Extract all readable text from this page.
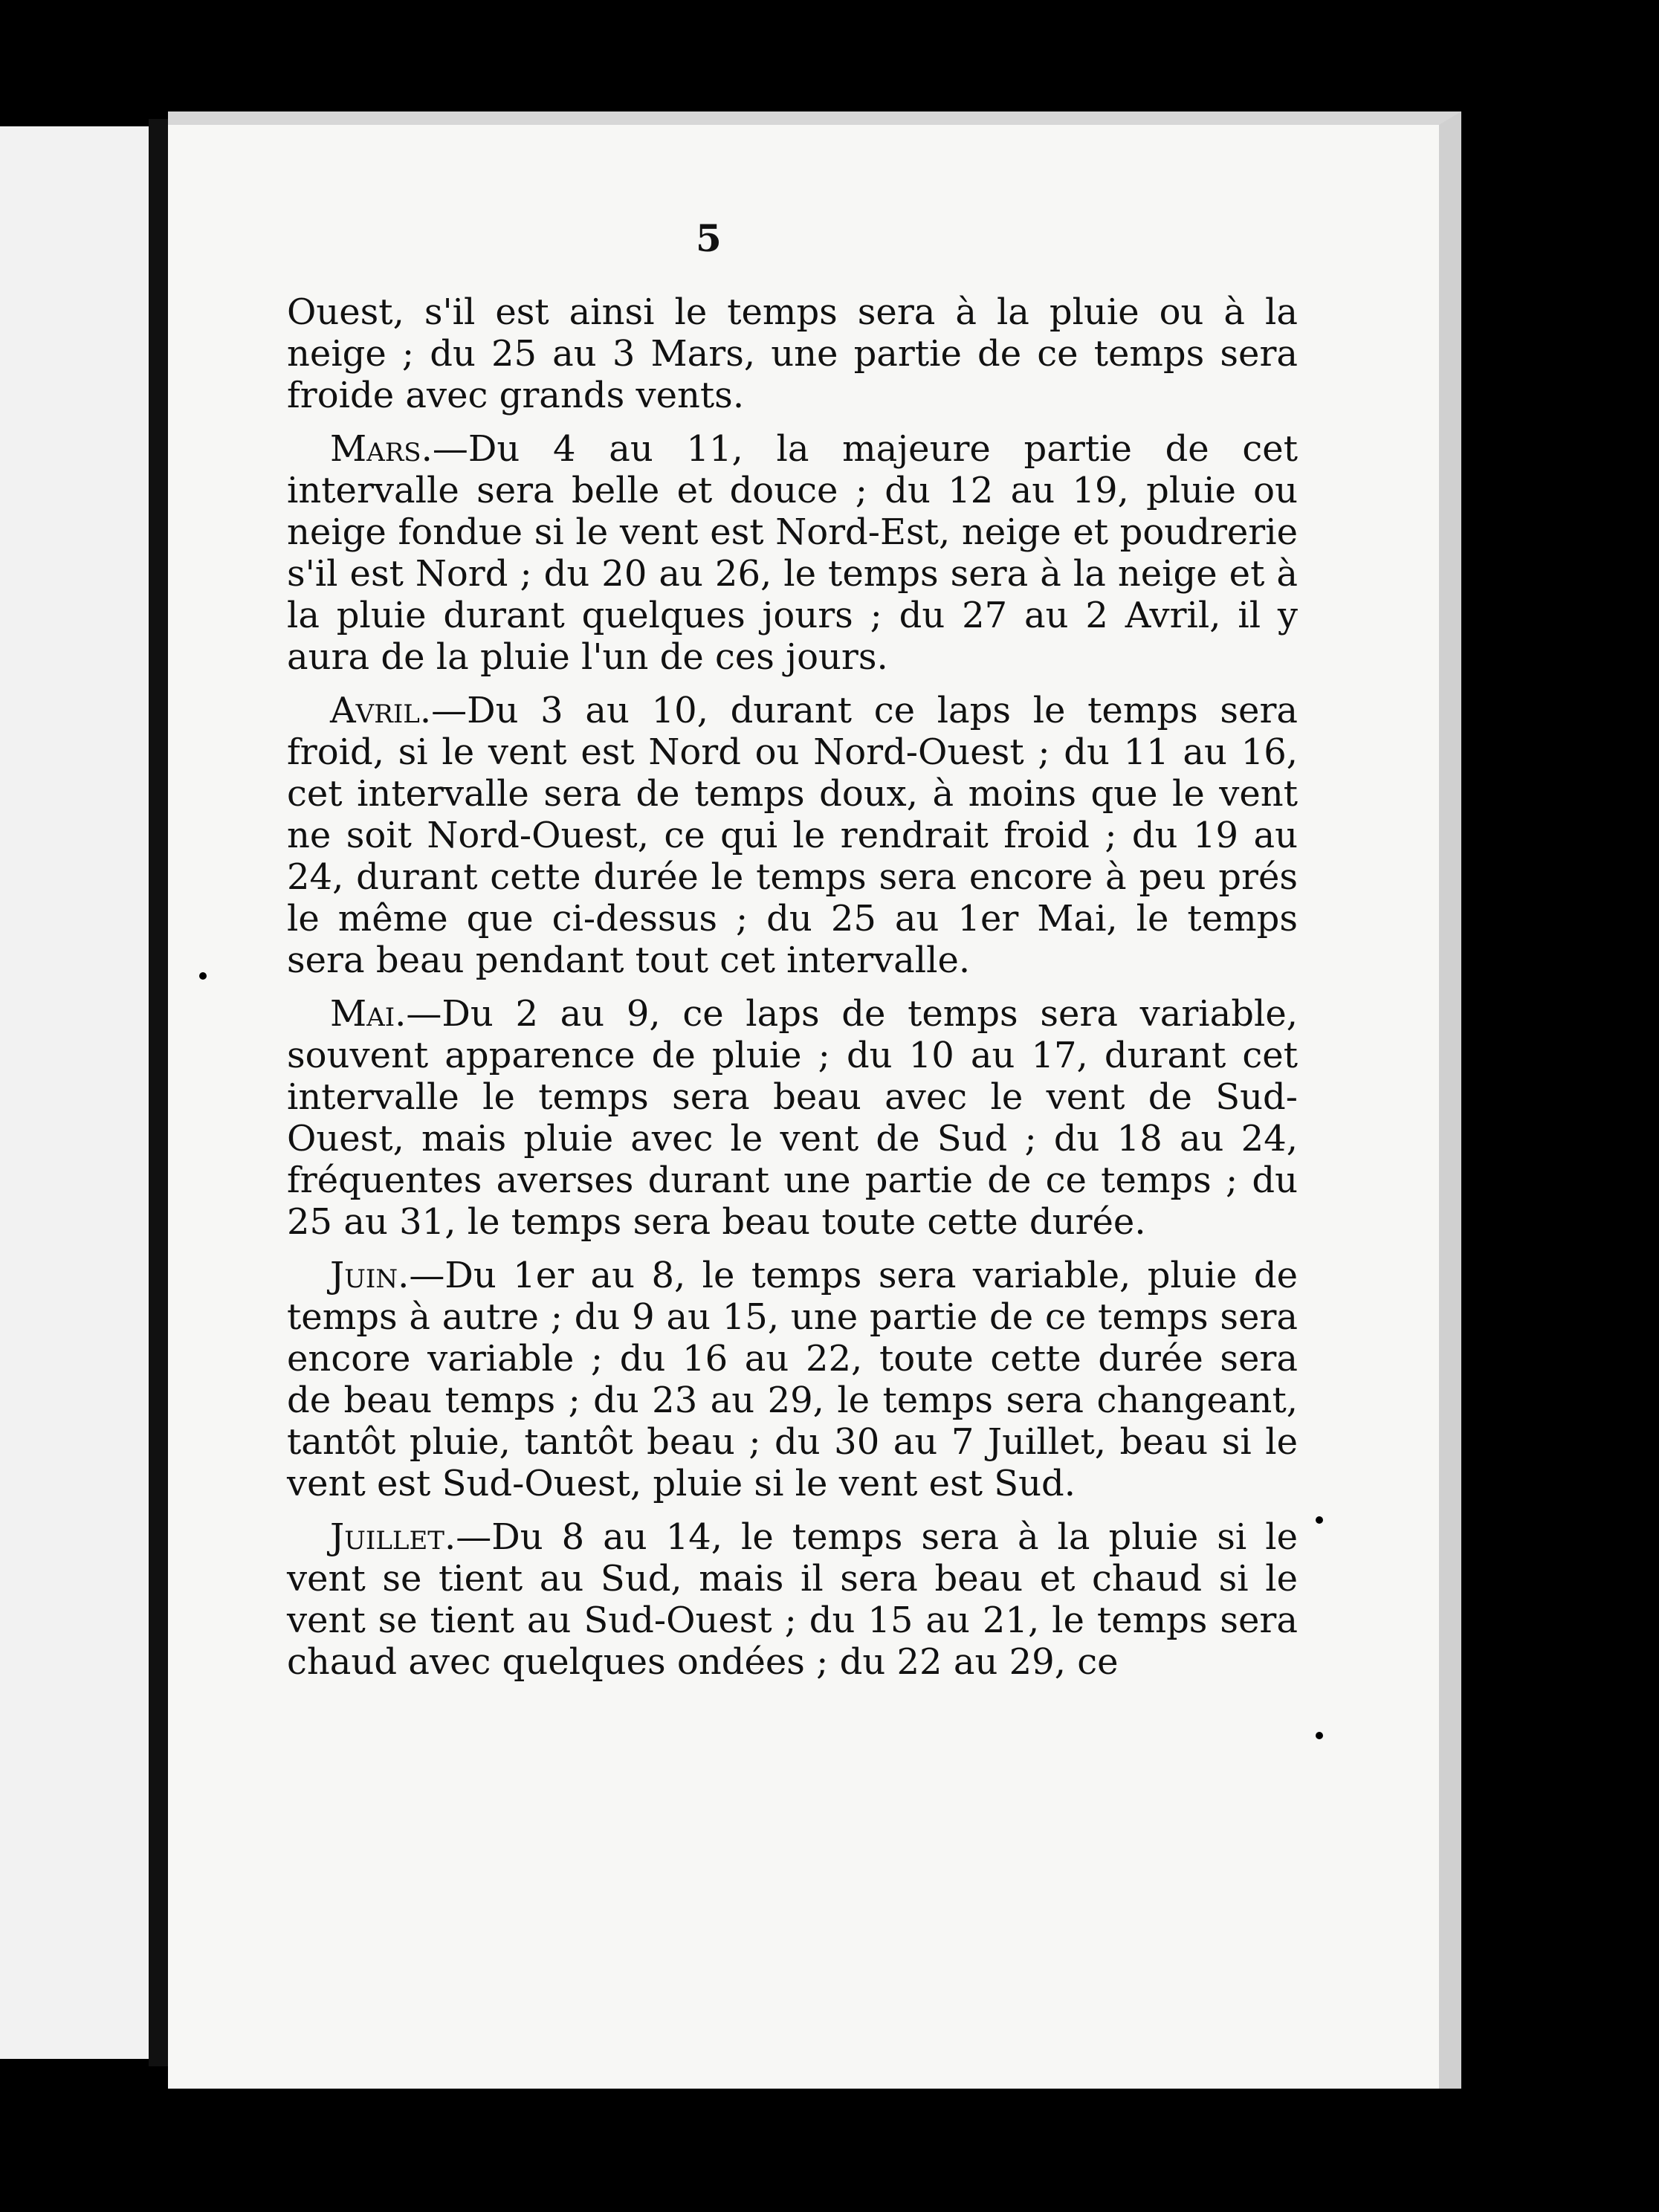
5

Ouest, s'il est ainsi le temps sera à la pluie ou à la neige ; du 25 au 3 Mars, une partie de ce temps sera froide avec grands vents.

Mars.—Du 4 au 11, la majeure partie de cet intervalle sera belle et douce ; du 12 au 19, pluie ou neige fondue si le vent est Nord-Est, neige et poudrerie s'il est Nord ; du 20 au 26, le temps sera à la neige et à la pluie durant quelques jours ; du 27 au 2 Avril, il y aura de la pluie l'un de ces jours.

Avril.—Du 3 au 10, durant ce laps le temps sera froid, si le vent est Nord ou Nord-Ouest ; du 11 au 16, cet intervalle sera de temps doux, à moins que le vent ne soit Nord-Ouest, ce qui le rendrait froid ; du 19 au 24, durant cette durée le temps sera encore à peu prés le même que ci-dessus ; du 25 au 1er Mai, le temps sera beau pendant tout cet intervalle.

Mai.—Du 2 au 9, ce laps de temps sera variable, souvent apparence de pluie ; du 10 au 17, durant cet intervalle le temps sera beau avec le vent de Sud-Ouest, mais pluie avec le vent de Sud ; du 18 au 24, fréquentes averses durant une partie de ce temps ; du 25 au 31, le temps sera beau toute cette durée.

Juin.—Du 1er au 8, le temps sera variable, pluie de temps à autre ; du 9 au 15, une partie de ce temps sera encore variable ; du 16 au 22, toute cette durée sera de beau temps ; du 23 au 29, le temps sera changeant, tantôt pluie, tantôt beau ; du 30 au 7 Juillet, beau si le vent est Sud-Ouest, pluie si le vent est Sud.

Juillet.—Du 8 au 14, le temps sera à la pluie si le vent se tient au Sud, mais il sera beau et chaud si le vent se tient au Sud-Ouest ; du 15 au 21, le temps sera chaud avec quelques ondées ; du 22 au 29, ce
